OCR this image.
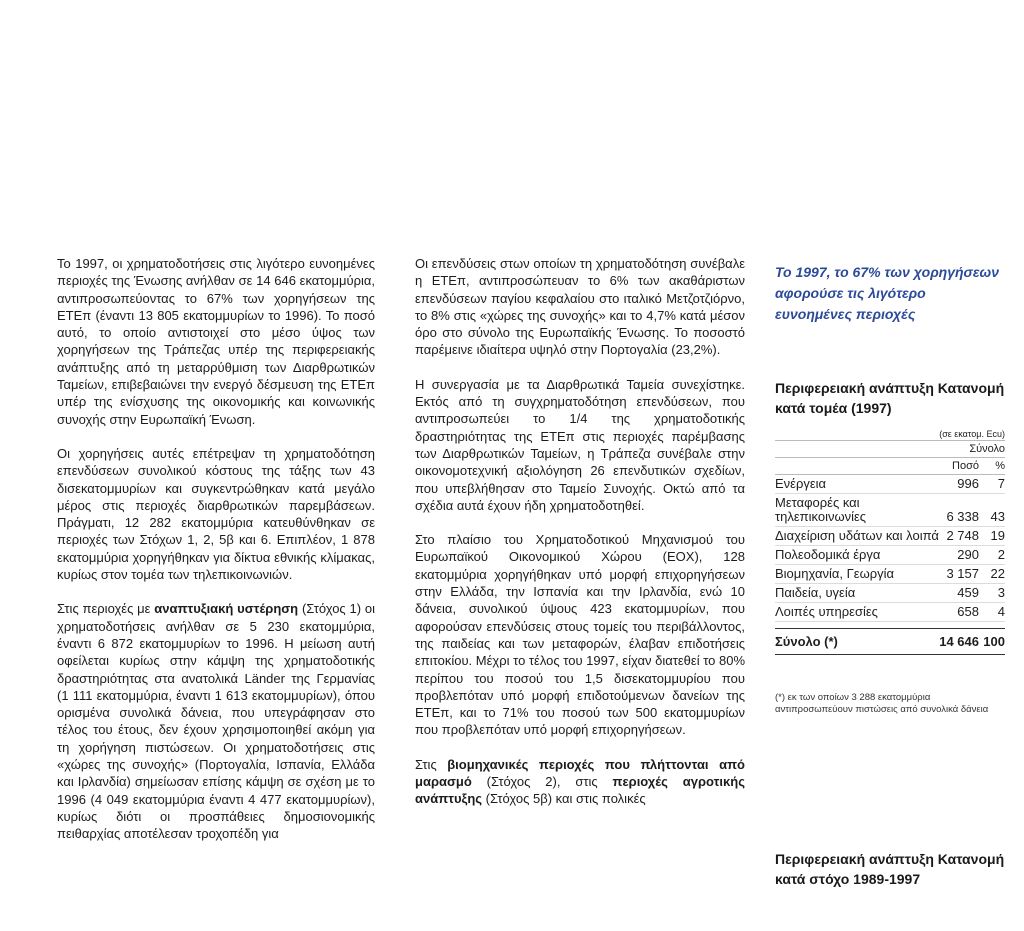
Το 1997, οι χρηματοδοτήσεις στις λιγότερο ευνοημένες περιοχές της Ένωσης ανήλθαν σε 14 646 εκατομμύρια, αντιπροσωπεύοντας το 67% των χορηγήσεων της ΕΤΕπ (έναντι 13 805 εκατομμυρίων το 1996). Το ποσό αυτό, το οποίο αντιστοιχεί στο μέσο ύψος των χορηγήσεων της Τράπεζας υπέρ της περιφερειακής ανάπτυξης από τη μεταρρύθμιση των Διαρθρωτικών Ταμείων, επιβεβαιώνει την ενεργό δέσμευση της ΕΤΕπ υπέρ της ενίσχυσης της οικονομικής και κοινωνικής συνοχής στην Ευρωπαϊκή Ένωση.

Οι χορηγήσεις αυτές επέτρεψαν τη χρηματοδότηση επενδύσεων συνολικού κόστους της τάξης των 43 δισεκατομμυρίων και συγκεντρώθηκαν κατά μεγάλο μέρος στις περιοχές διαρθρωτικών παρεμβάσεων. Πράγματι, 12 282 εκατομμύρια κατευθύνθηκαν σε περιοχές των Στόχων 1, 2, 5β και 6. Επιπλέον, 1 878 εκατομμύρια χορηγήθηκαν για δίκτυα εθνικής κλίμακας, κυρίως στον τομέα των τηλεπικοινωνιών.

Στις περιοχές με αναπτυξιακή υστέρηση (Στόχος 1) οι χρηματοδοτήσεις ανήλθαν σε 5 230 εκατομμύρια, έναντι 6 872 εκατομμυρίων το 1996. Η μείωση αυτή οφείλεται κυρίως στην κάμψη της χρηματοδοτικής δραστηριότητας στα ανατολικά Länder της Γερμανίας (1 111 εκατομμύρια, έναντι 1 613 εκατομμυρίων), όπου ορισμένα συνολικά δάνεια, που υπεγράφησαν στο τέλος του έτους, δεν έχουν χρησιμοποιηθεί ακόμη για τη χορήγηση πιστώσεων. Οι χρηματοδοτήσεις στις «χώρες της συνοχής» (Πορτογαλία, Ισπανία, Ελλάδα και Ιρλανδία) σημείωσαν επίσης κάμψη σε σχέση με το 1996 (4 049 εκατομμύρια έναντι 4 477 εκατομμυρίων), κυρίως διότι οι προσπάθειες δημοσιονομικής πειθαρχίας αποτέλεσαν τροχοπέδη για

Οι επενδύσεις στων οποίων τη χρηματοδότηση συνέβαλε η ΕΤΕπ, αντιπροσώπευαν το 6% των ακαθάριστων επενδύσεων παγίου κεφαλαίου στο ιταλικό Μετζοτζιόρνο, το 8% στις «χώρες της συνοχής» και το 4,7% κατά μέσον όρο στο σύνολο της Ευρωπαϊκής Ένωσης. Το ποσοστό παρέμεινε ιδιαίτερα υψηλό στην Πορτογαλία (23,2%).

Η συνεργασία με τα Διαρθρωτικά Ταμεία συνεχίστηκε. Εκτός από τη συγχρηματοδότηση επενδύσεων, που αντιπροσωπεύει το 1/4 της χρηματοδοτικής δραστηριότητας της ΕΤΕπ στις περιοχές παρέμβασης των Διαρθρωτικών Ταμείων, η Τράπεζα συνέβαλε στην οικονομοτεχνική αξιολόγηση 26 επενδυτικών σχεδίων, που υπεβλήθησαν στο Ταμείο Συνοχής. Οκτώ από τα σχέδια αυτά έχουν ήδη χρηματοδοτηθεί.

Στο πλαίσιο του Χρηματοδοτικού Μηχανισμού του Ευρωπαϊκού Οικονομικού Χώρου (ΕΟΧ), 128 εκατομμύρια χορηγήθηκαν υπό μορφή επιχορηγήσεων στην Ελλάδα, την Ισπανία και την Ιρλανδία, ενώ 10 δάνεια, συνολικού ύψους 423 εκατομμυρίων, που αφορούσαν επενδύσεις στους τομείς του περιβάλλοντος, της παιδείας και των μεταφορών, έλαβαν επιδοτήσεις επιτοκίου. Μέχρι το τέλος του 1997, είχαν διατεθεί το 80% περίπου του ποσού του 1,5 δισεκατομμυρίου που προβλεπόταν υπό μορφή επιδοτούμενων δανείων της ΕΤΕπ, και το 71% του ποσού των 500 εκατομμυρίων που προβλεπόταν υπό μορφή επιχορηγήσεων.

Στις βιομηχανικές περιοχές που πλήττονται από μαρασμό (Στόχος 2), στις περιοχές αγροτικής ανάπτυξης (Στόχος 5β) και στις πολικές

Το 1997, το 67% των χορηγήσεων αφορούσε τις λιγότερο ευνοημένες περιοχές
Περιφερειακή ανάπτυξη Κατανομή κατά τομέα (1997)
(σε εκατομ. Ecu)		
	Σύνολο	
	Ποσό	%
Ενέργεια	996	7
Μεταφορές και τηλεπικοινωνίες	6 338	43
Διαχείριση υδάτων και λοιπά	2 748	19
Πολεοδομικά έργα	290	2
Βιομηχανία, Γεωργία	3 157	22
Παιδεία, υγεία	459	3
Λοιπές υπηρεσίες	658	4

Σύνολο (*)	14 646	100
(*) εκ των οποίων 3 288 εκατομμύρια αντιπροσωπεύουν πιστώσεις από συνολικά δάνεια
Περιφερειακή ανάπτυξη Κατανομή κατά στόχο 1989-1997
